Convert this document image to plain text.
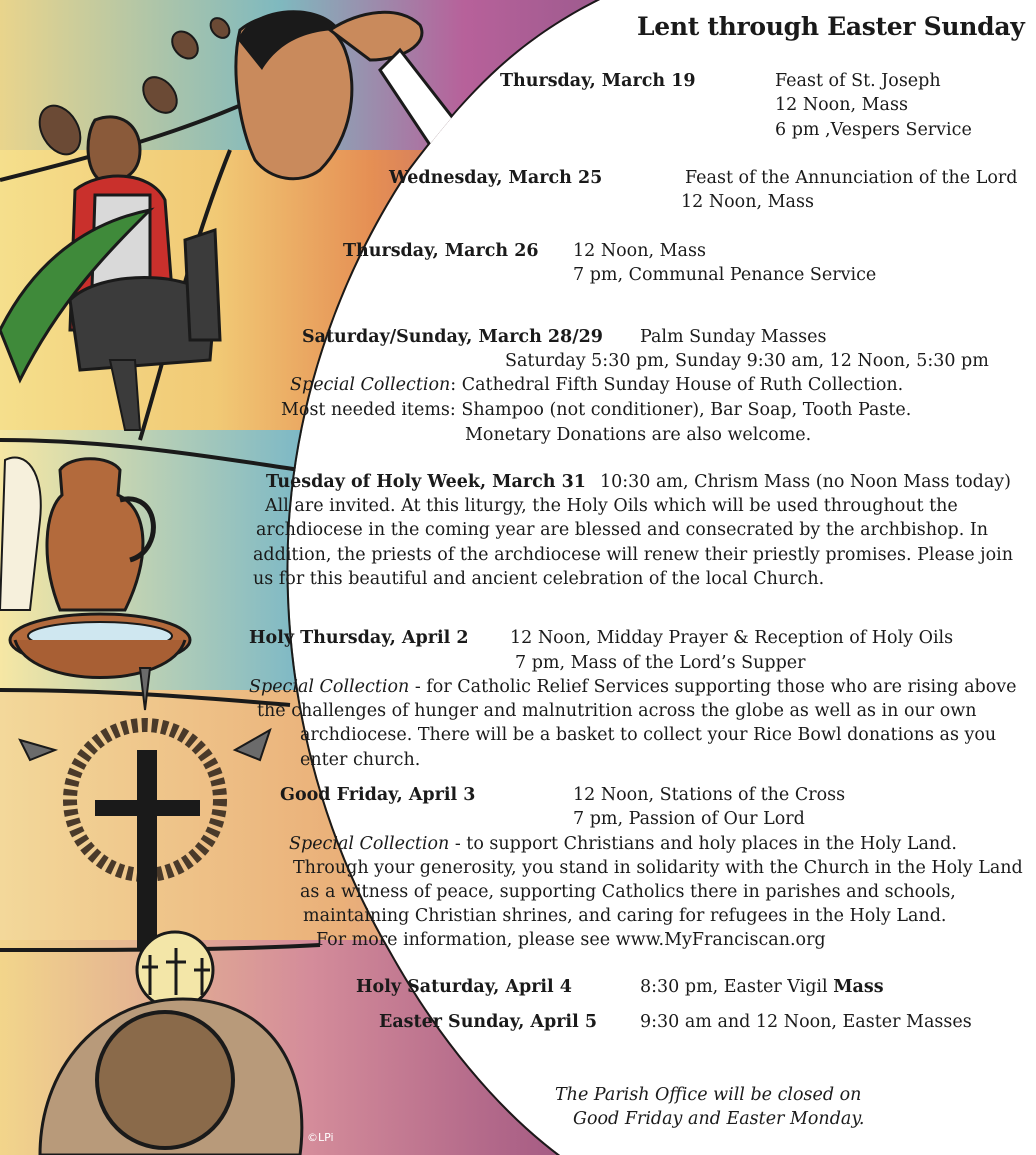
Lent through Easter Sunday
Thursday, March 19	Feast of St. Joseph
12 Noon, Mass
6 pm ,Vespers Service
Wednesday, March 25	Feast of the Annunciation of the Lord
12 Noon, Mass
Thursday, March 26 12 Noon, Mass
7 pm, Communal Penance Service
Saturday/Sunday, March 28/29 Palm Sunday Masses
Saturday 5:30 pm, Sunday 9:30 am, 12 Noon, 5:30 pm
Special Collection: Cathedral Fifth Sunday House of Ruth Collection.
Most needed items: Shampoo (not conditioner), Bar Soap, Tooth Paste.
Monetary Donations are also welcome.
Tuesday of Holy Week, March 31 10:30 am, Chrism Mass (no Noon Mass today)
All are invited. At this liturgy, the Holy Oils which will be used throughout the
archdiocese in the coming year are blessed and consecrated by the archbishop. In
addition, the priests of the archdiocese will renew their priestly promises. Please join
us for this beautiful and ancient celebration of the local Church.
Holy Thursday, April 2 12 Noon, Midday Prayer & Reception of Holy Oils
7 pm, Mass of the Lord’s Supper
Special Collection - for Catholic Relief Services supporting those who are rising above
the challenges of hunger and malnutrition across the globe as well as in our own
archdiocese. There will be a basket to collect your Rice Bowl donations as you
enter church.
Good Friday, April 3	12 Noon, Stations of the Cross
7 pm, Passion of Our Lord
Special Collection - to support Christians and holy places in the Holy Land.
Through your generosity, you stand in solidarity with the Church in the Holy Land
as a witness of peace, supporting Catholics there in parishes and schools,
maintaining Christian shrines, and caring for refugees in the Holy Land.
For more information, please see www.MyFranciscan.org
Holy Saturday, April 4	8:30 pm, Easter Vigil Mass
Easter Sunday, April 5 9:30 am and 12 Noon, Easter Masses
The Parish Office will be closed on
Good Friday and Easter Monday.
©LPi
